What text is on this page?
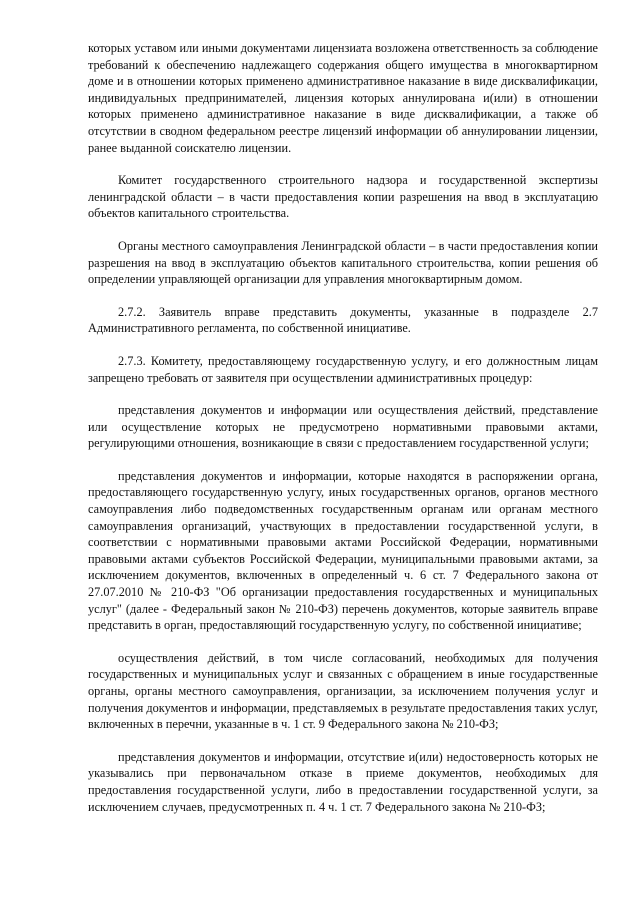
которых уставом или иными документами лицензиата возложена ответственность за соблюдение требований к обеспечению надлежащего содержания общего имущества в многоквартирном доме и в отношении которых применено административное наказание в виде дисквалификации, индивидуальных предпринимателей, лицензия которых аннулирована и(или) в отношении которых применено административное наказание в виде дисквалификации, а также об отсутствии в сводном федеральном реестре лицензий информации об аннулировании лицензии, ранее выданной соискателю лицензии.

Комитет государственного строительного надзора и государственной экспертизы ленинградской области – в части предоставления копии разрешения на ввод в эксплуатацию объектов капитального строительства.

Органы местного самоуправления Ленинградской области – в части предоставления копии разрешения на ввод в эксплуатацию объектов капитального строительства, копии решения об определении управляющей организации для управления многоквартирным домом.

2.7.2. Заявитель вправе представить документы, указанные в подразделе 2.7 Административного регламента, по собственной инициативе.

2.7.3. Комитету, предоставляющему государственную услугу, и его должностным лицам запрещено требовать от заявителя при осуществлении административных процедур:

представления документов и информации или осуществления действий, представление или осуществление которых не предусмотрено нормативными правовыми актами, регулирующими отношения, возникающие в связи с предоставлением государственной услуги;

представления документов и информации, которые находятся в распоряжении органа, предоставляющего государственную услугу, иных государственных органов, органов местного самоуправления либо подведомственных государственным органам или органам местного самоуправления организаций, участвующих в предоставлении государственной услуги, в соответствии с нормативными правовыми актами Российской Федерации, нормативными правовыми актами субъектов Российской Федерации, муниципальными правовыми актами, за исключением документов, включенных в определенный ч. 6 ст. 7 Федерального закона от 27.07.2010 № 210-ФЗ "Об организации предоставления государственных и муниципальных услуг" (далее - Федеральный закон № 210-ФЗ) перечень документов, которые заявитель вправе представить в орган, предоставляющий государственную услугу, по собственной инициативе;

осуществления действий, в том числе согласований, необходимых для получения государственных и муниципальных услуг и связанных с обращением в иные государственные органы, органы местного самоуправления, организации, за исключением получения услуг и получения документов и информации, представляемых в результате предоставления таких услуг, включенных в перечни, указанные в ч. 1 ст. 9 Федерального закона № 210-ФЗ;

представления документов и информации, отсутствие и(или) недостоверность которых не указывались при первоначальном отказе в приеме документов, необходимых для предоставления государственной услуги, либо в предоставлении государственной услуги, за исключением случаев, предусмотренных п. 4 ч. 1 ст. 7 Федерального закона № 210-ФЗ;
